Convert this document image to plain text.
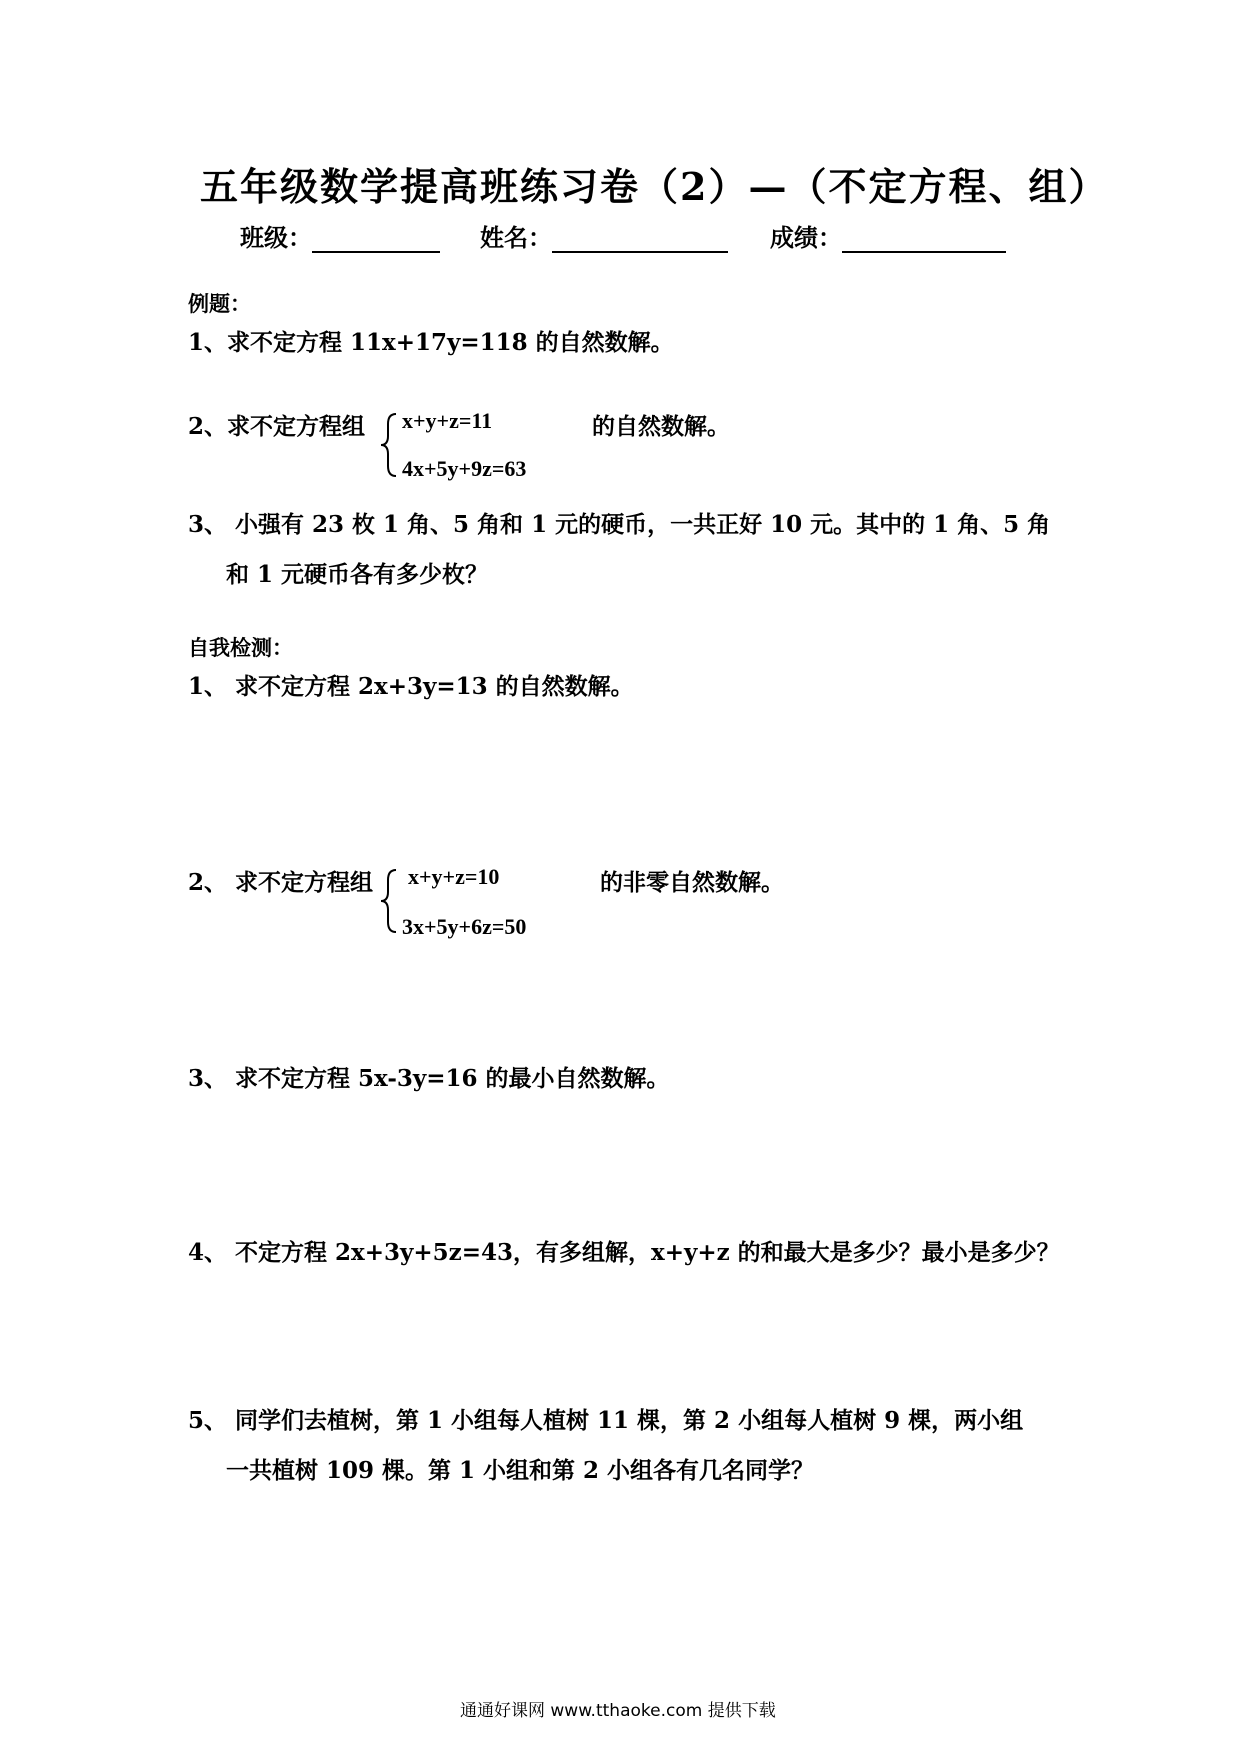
五年级数学提高班练习卷（2）—（不定方程、组）
班级：	姓名：	成绩：
例题：
1、求不定方程 11x+17y=118 的自然数解。
2、求不定方程组 x+y+z=11
4x+5y+9z=63
的自然数解。
3、 小强有 23 枚 1 角、5 角和 1 元的硬币，一共正好 10 元。其中的 1 角、5 角
和 1 元硬币各有多少枚？
自我检测：
1、 求不定方程 2x+3y=13 的自然数解。
2、 求不定方程组 x+y+z=10
3x+5y+6z=50
的非零自然数解。
3、 求不定方程 5x-3y=16 的最小自然数解。
4、 不定方程 2x+3y+5z=43，有多组解，x+y+z 的和最大是多少？最小是多少？
5、 同学们去植树，第 1 小组每人植树 11 棵，第 2 小组每人植树 9 棵，两小组
一共植树 109 棵。第 1 小组和第 2 小组各有几名同学？
通通好课网 www.tthaoke.com 提供下载
